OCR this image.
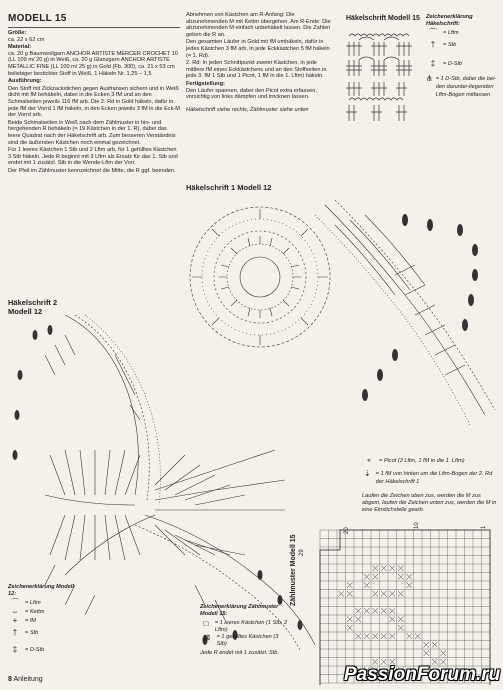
MODELL 15

Größe:
ca. 22 x 62 cm

Material:
ca. 20 g Baumwollgarn ANCHOR ARTISTE MERCER CROCHET 10 (LL 109 m/ 20 g) in Weiß, ca. 20 g Glanzgarn ANCHOR ARTISTE METALLIC FINE (LL 100 m/ 25 g) in Gold (Fb. 300), ca. 21 x 53 cm beliebiger bestickter Stoff in Weiß, 1 Häkeln Nr. 1,25 – 1,5

Ausführung:

Den Stoff mit Zickzackstichen gegen Ausfransen sichern und in Weiß dicht mit fM behäkeln, dabei in die Ecken 3 fM und an den Schmalseiten jeweils 116 fM arb. Die 2. Rd in Gold häkeln, dafür in jede fM der Vorrd 1 fM häkeln, in den Ecken jeweils 3 fM in die Eck-M der Vorrd arb.

Beide Schmalseiten in Weiß nach dem Zählmuster in hin- und hergehenden R behäkeln (= 19 Kästchen in der 1. R), dabei das leere Quadrat nach der Häkelschrift arb. Zum besseren Verständnis sind die äußersten Kästchen noch einmal gezeichnet.

Für 1 leeres Kästchen 1 Stb und 2 Lftm arb, für 1 gefülltes Kästchen 3 Stb häkeln. Jede R beginnt mit 3 Lftm als Ersatz für das 1. Stb und endet mit 1 zusätzl. Stb in die Wende-Lftm der Vorr.

Der Pfeil im Zählmuster kennzeichnet die Mitte, die R ggf. beenden.

Abnehmen von Kästchen am R-Anfang: Die abzunehmenden M mit Kettm übergehen. Am R-Ende: Die abzunehmenden M einfach unbehäkelt lassen. Die Zahlen geben die R an.

Den gesamten Läufer in Gold mit fM umhäkeln, dafür in jedes Kästchen 3 fM arb, in jede Eckkästchen 5 fM häkeln (= 1. Rd).

2. Rd: In jeden Schnittpunkt zweier Kästchen, in jede mittlere fM eines Eckkästchens und an den Stoffseiten in jede 3. fM 1 Stb und 1 Picot, 1 fM in die 1. Lftm) häkeln.

Fertigstellung:
Den Läufer spannen, dabei den Picot extra erfassen, vorsichtig von links dämpfen und trocknen lassen.

Häkelschrift siehe rechts, Zählmuster siehe unten

Häkelschrift Modell 15 Zeichenerklärung Häkelschrift:
⌒	= Lftm
†	= Stb
‡	= D-Stb
⋔ = 1 D-Stb, dabei die bei-den darunter-liegenden Lftm-Bogen mitfassen
Häkelschrift 1 Modell 12
Häkelschrift 2 Modell 12
⚬	= Picot (3 Lftm, 1 fM in die 1. Lftm)
⇣ = 1 fM von hinten um die Lftm-Bogen der 2. Rd der Häkelschrift 1
Laufen die Zeichen oben zus, werden die M zus abgem, laufen die Zeichen unten zus, werden die M in eine Einstichstelle gearb.
29
20
10	1
Zählmuster Modell 15
Zeichenerklärung Modell 12:
⌒	= Lftm
⌣	= Kettm
+	= fM
†	= Stb
‡	= D-Stb
Zeichenerklärung Zählmuster Modell 15:
□	= 1 leeres Kästchen (1 Stb, 2 Lftm)
⊠	= 1 gefülltes Kästchen (3 Stb)
Jede R endet mit 1 zusätzl. Stb.
8 Anleitung	PassionForum.ru
